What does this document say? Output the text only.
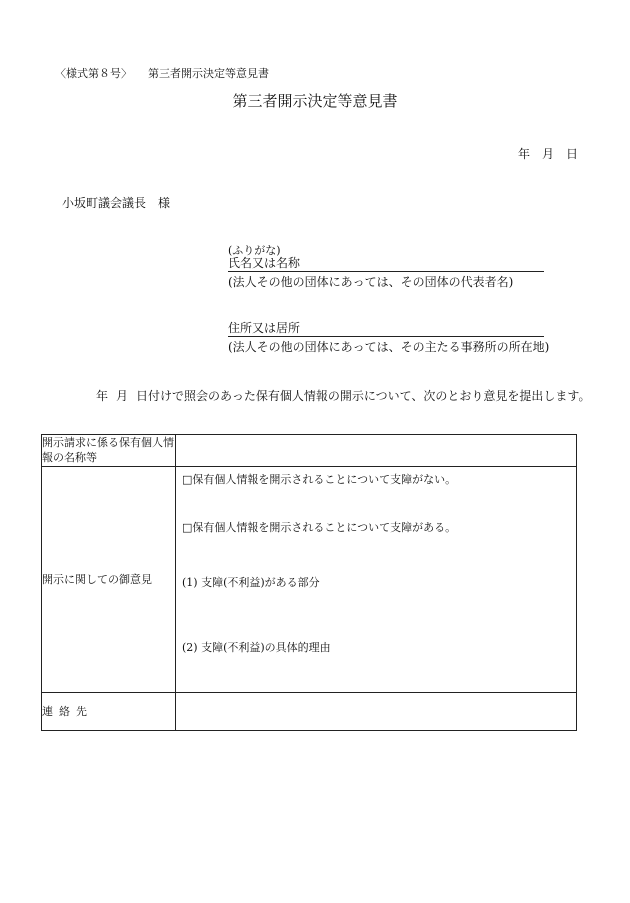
〈様式第８号〉 第三者開示決定等意見書
第三者開示決定等意見書
年 月 日
小坂町議会議長　様
(ふりがな)
氏名又は名称
(法人その他の団体にあっては、その団体の代表者名)
住所又は居所
(法人その他の団体にあっては、その主たる事務所の所在地)
年 月 日付けで照会のあった保有個人情報の開示について、次のとおり意見を提出します。
開示請求に係る保有個人情報の名称等	
開示に関しての御意見	□保有個人情報を開示されることについて支障がない。
□保有個人情報を開示されることについて支障がある。
(1) 支障(不利益)がある部分
(2) 支障(不利益)の具体的理由

連絡先	
